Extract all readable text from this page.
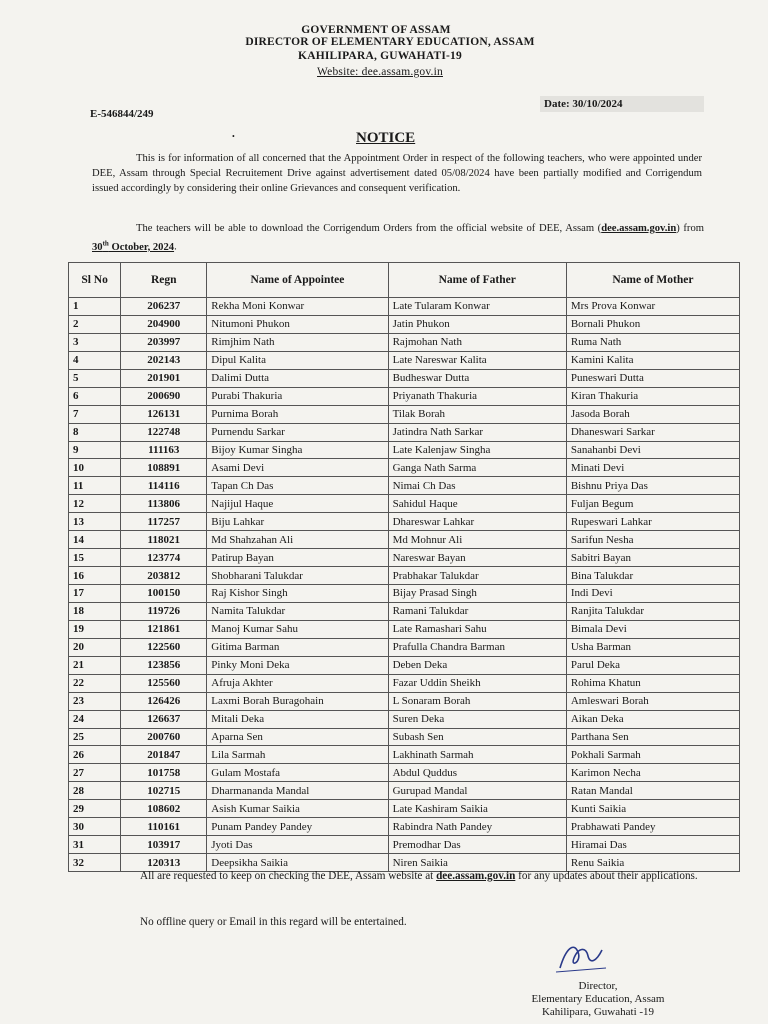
GOVERNMENT OF ASSAM
DIRECTOR OF ELEMENTARY EDUCATION, ASSAM
KAHILIPARA, GUWAHATI-19
Website: dee.assam.gov.in
Date: 30/10/2024
E-546844/249
•	NOTICE
This is for information of all concerned that the Appointment Order in respect of the following teachers, who were appointed under DEE, Assam through Special Recruitement Drive against advertisement dated 05/08/2024 have been partially modified and Corrigendum issued accordingly by considering their online Grievances and consequent verification.
The teachers will be able to download the Corrigendum Orders from the official website of DEE, Assam (dee.assam.gov.in) from 30th October, 2024.
Sl No	Regn	Name of Appointee	Name of Father	Name of Mother
1	206237	Rekha Moni Konwar	Late Tularam Konwar	Mrs Prova Konwar
2	204900	Nitumoni Phukon	Jatin Phukon	Bornali Phukon
3	203997	Rimjhim Nath	Rajmohan Nath	Ruma Nath
4	202143	Dipul Kalita	Late Nareswar Kalita	Kamini Kalita
5	201901	Dalimi Dutta	Budheswar Dutta	Puneswari Dutta
6	200690	Purabi Thakuria	Priyanath Thakuria	Kiran Thakuria
7	126131	Purnima Borah	Tilak Borah	Jasoda Borah
8	122748	Purnendu Sarkar	Jatindra Nath Sarkar	Dhaneswari Sarkar
9	111163	Bijoy Kumar Singha	Late Kalenjaw Singha	Sanahanbi Devi
10	108891	Asami Devi	Ganga Nath Sarma	Minati Devi
11	114116	Tapan Ch Das	Nimai Ch Das	Bishnu Priya Das
12	113806	Najijul Haque	Sahidul Haque	Fuljan Begum
13	117257	Biju Lahkar	Dhareswar Lahkar	Rupeswari Lahkar
14	118021	Md Shahzahan Ali	Md Mohnur Ali	Sarifun Nesha
15	123774	Patirup Bayan	Nareswar Bayan	Sabitri Bayan
16	203812	Shobharani Talukdar	Prabhakar Talukdar	Bina Talukdar
17	100150	Raj Kishor Singh	Bijay Prasad Singh	Indi Devi
18	119726	Namita Talukdar	Ramani Talukdar	Ranjita Talukdar
19	121861	Manoj Kumar Sahu	Late Ramashari Sahu	Bimala Devi
20	122560	Gitima Barman	Prafulla Chandra Barman	Usha Barman
21	123856	Pinky Moni Deka	Deben Deka	Parul Deka
22	125560	Afruja Akhter	Fazar Uddin Sheikh	Rohima Khatun
23	126426	Laxmi Borah Buragohain	L Sonaram Borah	Amleswari Borah
24	126637	Mitali Deka	Suren Deka	Aikan Deka
25	200760	Aparna Sen	Subash Sen	Parthana Sen
26	201847	Lila Sarmah	Lakhinath Sarmah	Pokhali Sarmah
27	101758	Gulam Mostafa	Abdul Quddus	Karimon Necha
28	102715	Dharmananda Mandal	Gurupad Mandal	Ratan Mandal
29	108602	Asish Kumar Saikia	Late Kashiram Saikia	Kunti Saikia
30	110161	Punam Pandey Pandey	Rabindra Nath Pandey	Prabhawati Pandey
31	103917	Jyoti Das	Premodhar Das	Hiramai Das
32	120313	Deepsikha Saikia	Niren Saikia	Renu Saikia
All are requested to keep on checking the DEE, Assam website at dee.assam.gov.in for any updates about their applications.
No offline query or Email in this regard will be entertained.
Director,
Elementary Education, Assam
Kahilipara, Guwahati -19
